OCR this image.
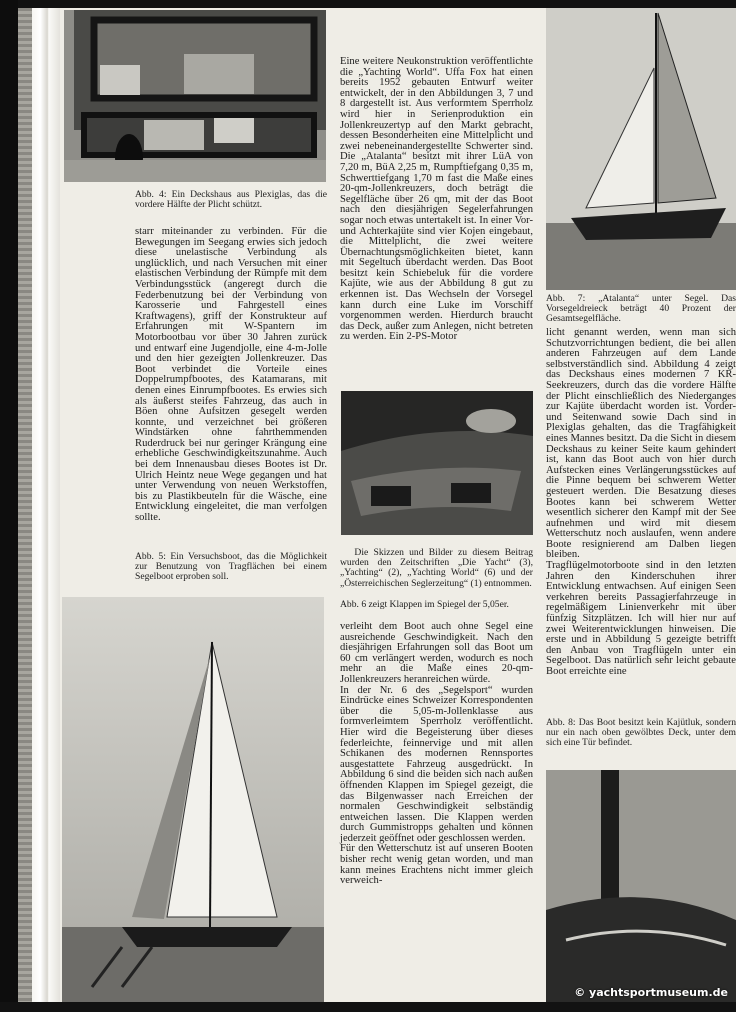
Abb. 4: Ein Deckshaus aus Plexiglas, das die vordere Hälfte der Plicht schützt.

starr miteinander zu verbinden. Für die Bewegungen im Seegang erwies sich jedoch diese unelastische Verbindung als unglücklich, und nach Versuchen mit einer elastischen Verbindung der Rümpfe mit dem Verbindungsstück (angeregt durch die Federbenutzung bei der Verbindung von Karosserie und Fahrgestell eines Kraftwagens), griff der Konstrukteur auf Erfahrungen mit W-Spantern im Motorbootbau vor über 30 Jahren zurück und entwarf eine Jugendjolle, eine 4-m-Jolle und den hier gezeigten Jollenkreuzer. Das Boot verbindet die Vorteile eines Doppelrumpfbootes, des Katamarans, mit denen eines Einrumpfbootes. Es erwies sich als äußerst steifes Fahrzeug, das auch in Böen ohne Aufsitzen gesegelt werden konnte, und verzeichnet bei größeren Windstärken ohne fahrthemmenden Ruderdruck bei nur geringer Krängung eine erhebliche Geschwindigkeitszunahme. Auch bei dem Innenausbau dieses Bootes ist Dr. Ulrich Heintz neue Wege gegangen und hat unter Verwendung von neuen Werkstoffen, bis zu Plastikbeuteln für die Wäsche, eine Entwicklung eingeleitet, die man verfolgen sollte.

Abb. 5: Ein Versuchsboot, das die Möglichkeit zur Benutzung von Tragflächen bei einem Segelboot erproben soll.

Eine weitere Neukonstruktion veröffentlichte die „Yachting World“. Uffa Fox hat einen bereits 1952 gebauten Entwurf weiter entwickelt, der in den Abbildungen 3, 7 und 8 dargestellt ist. Aus verformtem Sperrholz wird hier in Serienproduktion ein Jollenkreuzertyp auf den Markt gebracht, dessen Besonderheiten eine Mittelplicht und zwei nebeneinandergestellte Schwerter sind. Die „Atalanta“ besitzt mit ihrer LüA von 7,20 m, BüA 2,25 m, Rumpftiefgang 0,35 m, Schwerttiefgang 1,70 m fast die Maße eines 20-qm-Jollenkreuzers, doch beträgt die Segelfläche über 26 qm, mit der das Boot nach den diesjährigen Segelerfahrungen sogar noch etwas untertakelt ist. In einer Vor- und Achterkajüte sind vier Kojen eingebaut, die Mittelplicht, die zwei weitere Übernachtungsmöglichkeiten bietet, kann mit Segeltuch überdacht werden. Das Boot besitzt kein Schiebeluk für die vordere Kajüte, wie aus der Abbildung 8 gut zu erkennen ist. Das Wechseln der Vorsegel kann durch eine Luke im Vorschiff vorgenommen werden. Hierdurch braucht das Deck, außer zum Anlegen, nicht betreten zu werden. Ein 2-PS-Motor

Die Skizzen und Bilder zu diesem Beitrag wurden den Zeitschriften „Die Yacht“ (3), „Yachting“ (2), „Yachting World“ (6) und der „Österreichischen Seglerzeitung“ (1) entnommen.
Abb. 6 zeigt Klappen im Spiegel der 5,05er.

verleiht dem Boot auch ohne Segel eine ausreichende Geschwindigkeit. Nach den diesjährigen Erfahrungen soll das Boot um 60 cm verlängert werden, wodurch es noch mehr an die Maße eines 20-qm-Jollenkreuzers heranreichen würde.

In der Nr. 6 des „Segelsport“ wurden Eindrücke eines Schweizer Korrespondenten über die 5,05-m-Jollenklasse aus formverleimtem Sperrholz veröffentlicht. Hier wird die Begeisterung über dieses federleichte, feinnervige und mit allen Schikanen des modernen Rennsportes ausgestattete Fahrzeug ausgedrückt. In Abbildung 6 sind die beiden sich nach außen öffnenden Klappen im Spiegel gezeigt, die das Bilgenwasser nach Erreichen der normalen Geschwindigkeit selbständig entweichen lassen. Die Klappen werden durch Gummistropps gehalten und können jederzeit geöffnet oder geschlossen werden.

Für den Wetterschutz ist auf unseren Booten bisher recht wenig getan worden, und man kann meines Erachtens nicht immer gleich verweich-

Abb. 7: „Atalanta“ unter Segel. Das Vorsegeldreieck beträgt 40 Prozent der Gesamtsegelfläche.

licht genannt werden, wenn man sich Schutzvorrichtungen bedient, die bei allen anderen Fahrzeugen auf dem Lande selbstverständlich sind. Abbildung 4 zeigt das Deckshaus eines modernen 7 KR-Seekreuzers, durch das die vordere Hälfte der Plicht einschließlich des Niederganges zur Kajüte überdacht worden ist. Vorder- und Seitenwand sowie Dach sind in Plexiglas gehalten, das die Tragfähigkeit eines Mannes besitzt. Da die Sicht in diesem Deckshaus zu keiner Seite kaum gehindert ist, kann das Boot auch von hier durch Aufstecken eines Verlängerungsstückes auf die Pinne bequem bei schwerem Wetter gesteuert werden. Die Besatzung dieses Bootes kann bei schwerem Wetter wesentlich sicherer den Kampf mit der See aufnehmen und wird mit diesem Wetterschutz noch auslaufen, wenn andere Boote resignierend am Dalben liegen bleiben.

Tragflügelmotorboote sind in den letzten Jahren den Kinderschuhen ihrer Entwicklung entwachsen. Auf einigen Seen verkehren bereits Passagierfahrzeuge in regelmäßigem Linienverkehr mit über fünfzig Sitzplätzen. Ich will hier nur auf zwei Weiterentwicklungen hinweisen. Die erste und in Abbildung 5 gezeigte betrifft den Anbau von Tragflügeln unter ein Segelboot. Das natürlich sehr leicht gebaute Boot erreichte eine

Abb. 8: Das Boot besitzt kein Kajütluk, sondern nur ein nach oben gewölbtes Deck, unter dem sich eine Tür befindet.
© yachtsportmuseum.de
